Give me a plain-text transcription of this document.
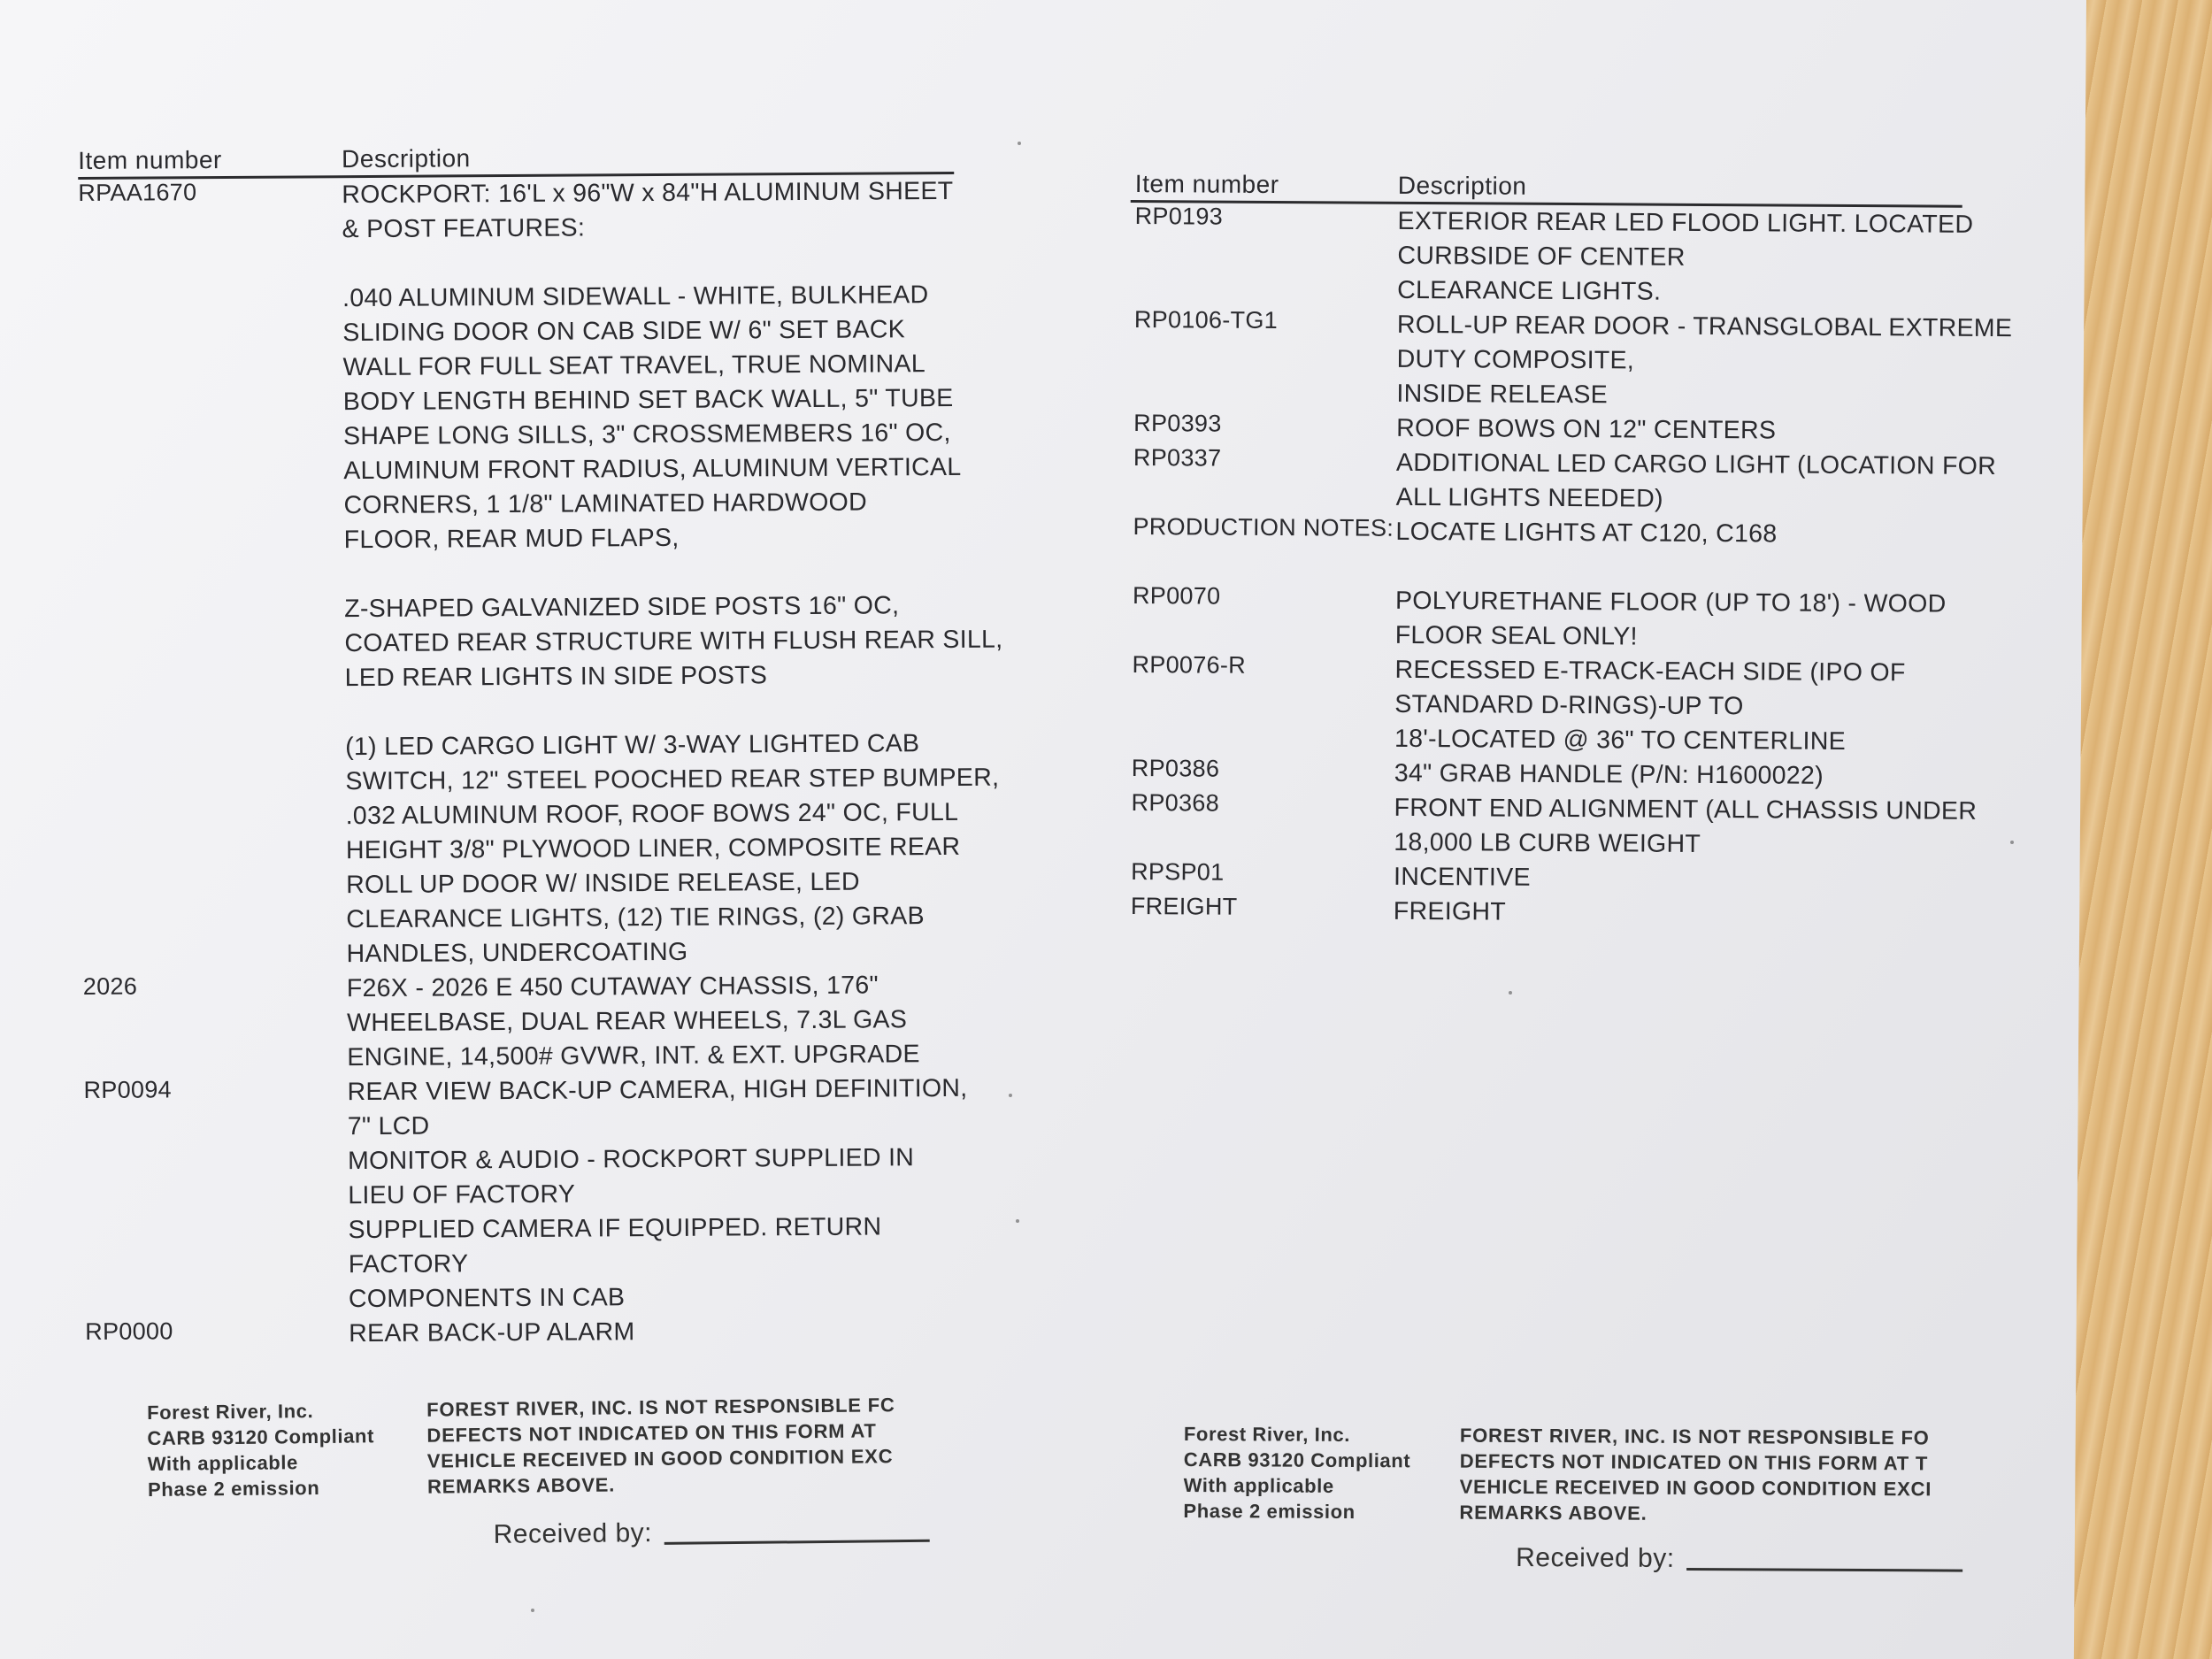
Item number	Description
RPAA1670	ROCKPORT: 16'L x 96"W x 84"H ALUMINUM SHEET
& POST FEATURES:
.040 ALUMINUM SIDEWALL - WHITE, BULKHEAD
SLIDING DOOR ON CAB SIDE W/ 6" SET BACK
WALL FOR FULL SEAT TRAVEL, TRUE NOMINAL
BODY LENGTH BEHIND SET BACK WALL, 5" TUBE
SHAPE LONG SILLS, 3" CROSSMEMBERS 16" OC,
ALUMINUM FRONT RADIUS, ALUMINUM VERTICAL
CORNERS, 1 1/8" LAMINATED HARDWOOD
FLOOR, REAR MUD FLAPS,
Z-SHAPED GALVANIZED SIDE POSTS 16" OC,
COATED REAR STRUCTURE WITH FLUSH REAR SILL,
LED REAR LIGHTS IN SIDE POSTS
(1) LED CARGO LIGHT W/ 3-WAY LIGHTED CAB
SWITCH, 12" STEEL POOCHED REAR STEP BUMPER,
.032 ALUMINUM ROOF, ROOF BOWS 24" OC, FULL
HEIGHT 3/8" PLYWOOD LINER, COMPOSITE REAR
ROLL UP DOOR W/ INSIDE RELEASE, LED
CLEARANCE LIGHTS, (12) TIE RINGS, (2) GRAB
HANDLES, UNDERCOATING
2026	F26X - 2026 E 450 CUTAWAY CHASSIS, 176"
WHEELBASE, DUAL REAR WHEELS, 7.3L GAS
ENGINE, 14,500# GVWR, INT. & EXT. UPGRADE
RP0094	REAR VIEW BACK-UP CAMERA, HIGH DEFINITION,
7" LCD
MONITOR & AUDIO - ROCKPORT SUPPLIED IN
LIEU OF FACTORY
SUPPLIED CAMERA IF EQUIPPED. RETURN
FACTORY
COMPONENTS IN CAB
RP0000	REAR BACK-UP ALARM
Item number	Description
RP0193	EXTERIOR REAR LED FLOOD LIGHT. LOCATED
CURBSIDE OF CENTER
CLEARANCE LIGHTS.
RP0106-TG1	ROLL-UP REAR DOOR - TRANSGLOBAL EXTREME
DUTY COMPOSITE,
INSIDE RELEASE
RP0393	ROOF BOWS ON 12" CENTERS
RP0337	ADDITIONAL LED CARGO LIGHT (LOCATION FOR
ALL LIGHTS NEEDED)
PRODUCTION NOTES: LOCATE LIGHTS AT C120, C168
RP0070	POLYURETHANE FLOOR (UP TO 18') - WOOD
FLOOR SEAL ONLY!
RP0076-R	RECESSED E-TRACK-EACH SIDE (IPO OF
STANDARD D-RINGS)-UP TO
18'-LOCATED @ 36" TO CENTERLINE
RP0386	34" GRAB HANDLE (P/N: H1600022)
RP0368	FRONT END ALIGNMENT (ALL CHASSIS UNDER
18,000 LB CURB WEIGHT
RPSP01	INCENTIVE
FREIGHT	FREIGHT
Forest River, Inc.
CARB 93120 Compliant
With applicable
Phase 2 emission
FOREST RIVER, INC. IS NOT RESPONSIBLE FC
DEFECTS NOT INDICATED ON THIS FORM AT
VEHICLE RECEIVED IN GOOD CONDITION EXC
REMARKS ABOVE.
Received by:
Forest River, Inc.
CARB 93120 Compliant
With applicable
Phase 2 emission
FOREST RIVER, INC. IS NOT RESPONSIBLE FO
DEFECTS NOT INDICATED ON THIS FORM AT T
VEHICLE RECEIVED IN GOOD CONDITION EXCI
REMARKS ABOVE.
Received by:
